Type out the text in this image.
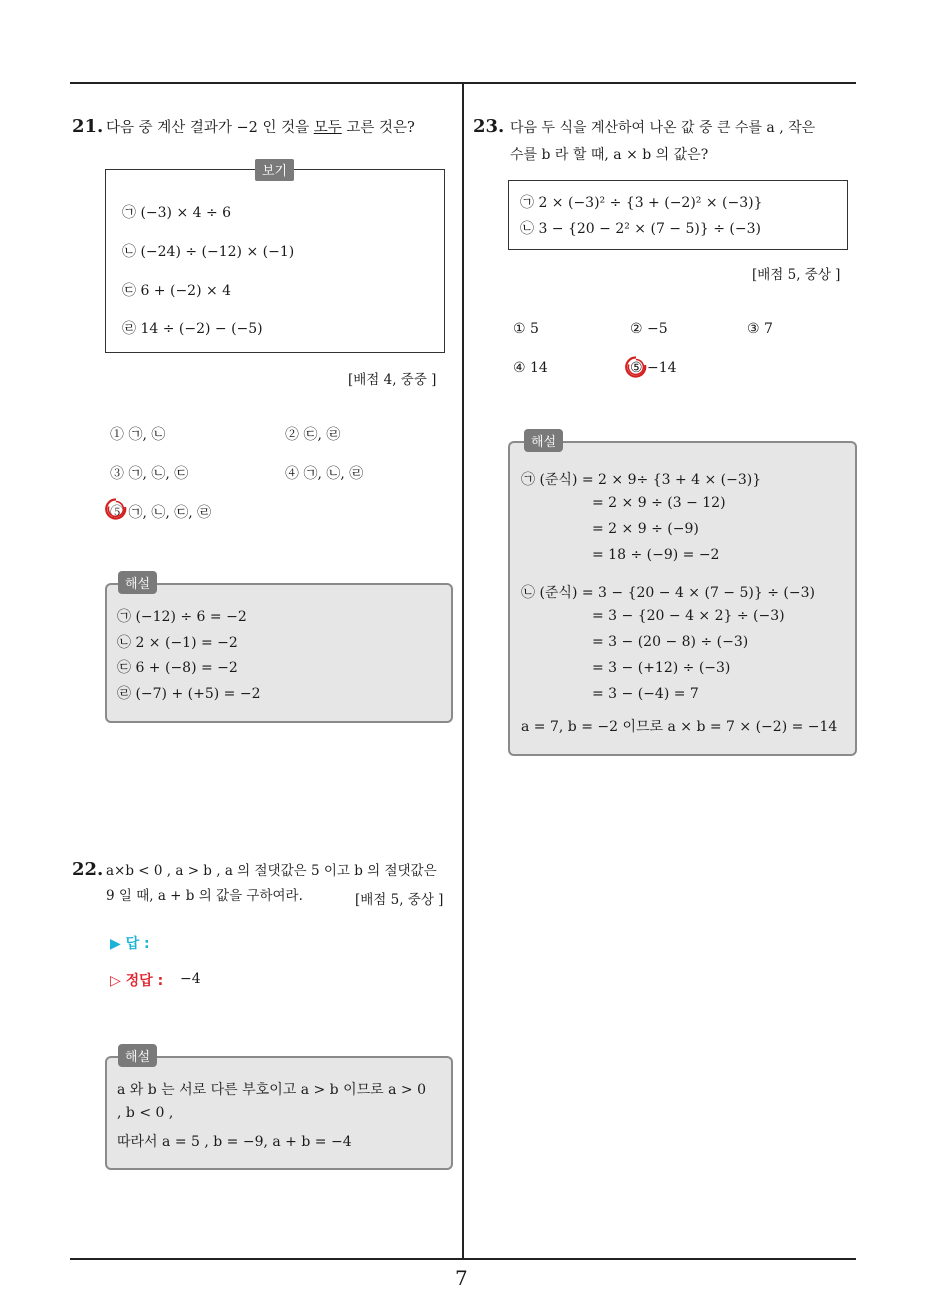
7
21. 다음 중 계산 결과가 −2 인 것을 모두 고른 것은?
보기
㉠ (−3) × 4 ÷ 6
㉡ (−24) ÷ (−12) × (−1)
㉢ 6 + (−2) × 4
㉣ 14 ÷ (−2) − (−5)
[배점 4, 중중 ]
① ㉠, ㉡	② ㉢, ㉣
③ ㉠, ㉡, ㉢	④ ㉠, ㉡, ㉣
⑤ ㉠, ㉡, ㉢, ㉣
해설
㉠ (−12) ÷ 6 = −2
㉡ 2 × (−1) = −2
㉢ 6 + (−8) = −2
㉣ (−7) + (+5) = −2
22. a×b < 0 , a > b , a 의 절댓값은 5 이고 b 의 절댓값은
9 일 때, a + b 의 값을 구하여라.	[배점 5, 중상 ]
▶ 답 :
▷ 정답 : −4
해설
a 와 b 는 서로 다른 부호이고 a > b 이므로 a > 0
, b < 0 ,
따라서 a = 5 , b = −9, a + b = −4
23. 다음 두 식을 계산하여 나온 값 중 큰 수를 a , 작은
수를 b 라 할 때, a × b 의 값은?
㉠ 2 × (−3)² ÷ {3 + (−2)² × (−3)}
㉡ 3 − {20 − 2² × (7 − 5)} ÷ (−3)
[배점 5, 중상 ]
① 5	② −5	③ 7
④ 14	⑤ −14
해설
㉠ (준식) = 2 × 9÷ {3 + 4 × (−3)}
= 2 × 9 ÷ (3 − 12)
= 2 × 9 ÷ (−9)
= 18 ÷ (−9) = −2
㉡ (준식) = 3 − {20 − 4 × (7 − 5)} ÷ (−3)
= 3 − {20 − 4 × 2} ÷ (−3)
= 3 − (20 − 8) ÷ (−3)
= 3 − (+12) ÷ (−3)
= 3 − (−4) = 7
a = 7, b = −2 이므로 a × b = 7 × (−2) = −14
